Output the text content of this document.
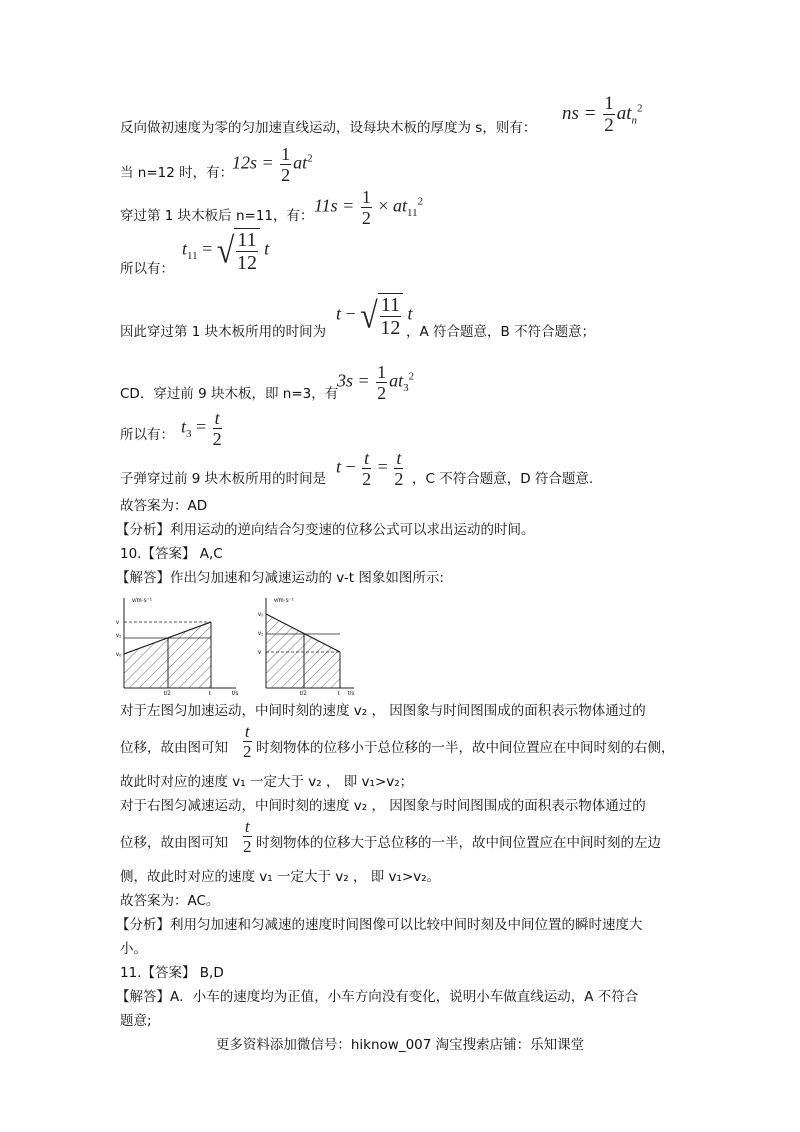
反向做初速度为零的匀加速直线运动，设每块木板的厚度为 s，则有：
ns = $\frac{1}{2} at_n^2$
当 n=12 时，有：
$12s = \frac{1}{2} at^2$
穿过第 1 块木板后 n=11，有：
$11s = \frac{1}{2} \times at_{11}^2$
所以有：
$t_{11}$ = √ $\frac{11}{12}$ t
因此穿过第 1 块木板所用的时间为
t − √ $\frac{11}{12}$ t
，A 符合题意，B 不符合题意；
CD．穿过前 9 块木板，即 n=3，有
$3s = \frac{1}{2} at_3^2$
所以有： $t_3 = \frac{t}{2}$
子弹穿过前 9 块木板所用的时间是
$t - \frac{t}{2} = \frac{t}{2}$ ，C 不符合题意，D 符合题意.
故答案为：AD
【分析】利用运动的逆向结合匀变速的位移公式可以求出运动的时间。
10.【答案】 A,C
【解答】作出匀加速和匀减速运动的 v-t 图象如图所示:
v/m·s⁻¹
v
v₂
v₀
t/2	t	t/s
v/m·s⁻¹
v₀
v₂
v
t/2	t t/s
对于左图匀加速运动，中间时刻的速度 v₂ ， 因图象与时间图围成的面积表示物体通过的
位移，故由图可知 $\frac{t}{2}$ 时刻物体的位移小于总位移的一半，故中间位置应在中间时刻的右侧，
故此时对应的速度 v₁ 一定大于 v₂ ， 即 v₁>v₂；
对于右图匀减速运动，中间时刻的速度 v₂ ， 因图象与时间图围成的面积表示物体通过的
位移，故由图可知 $\frac{t}{2}$ 时刻物体的位移大于总位移的一半，故中间位置应在中间时刻的左边
侧，故此时对应的速度 v₁ 一定大于 v₂ ， 即 v₁>v₂。
故答案为：AC。
【分析】利用匀加速和匀减速的速度时间图像可以比较中间时刻及中间位置的瞬时速度大
小。
11.【答案】 B,D
【解答】A．小车的速度均为正值，小车方向没有变化，说明小车做直线运动，A 不符合
题意;
更多资料添加微信号：hiknow_007 淘宝搜索店铺：乐知课堂
